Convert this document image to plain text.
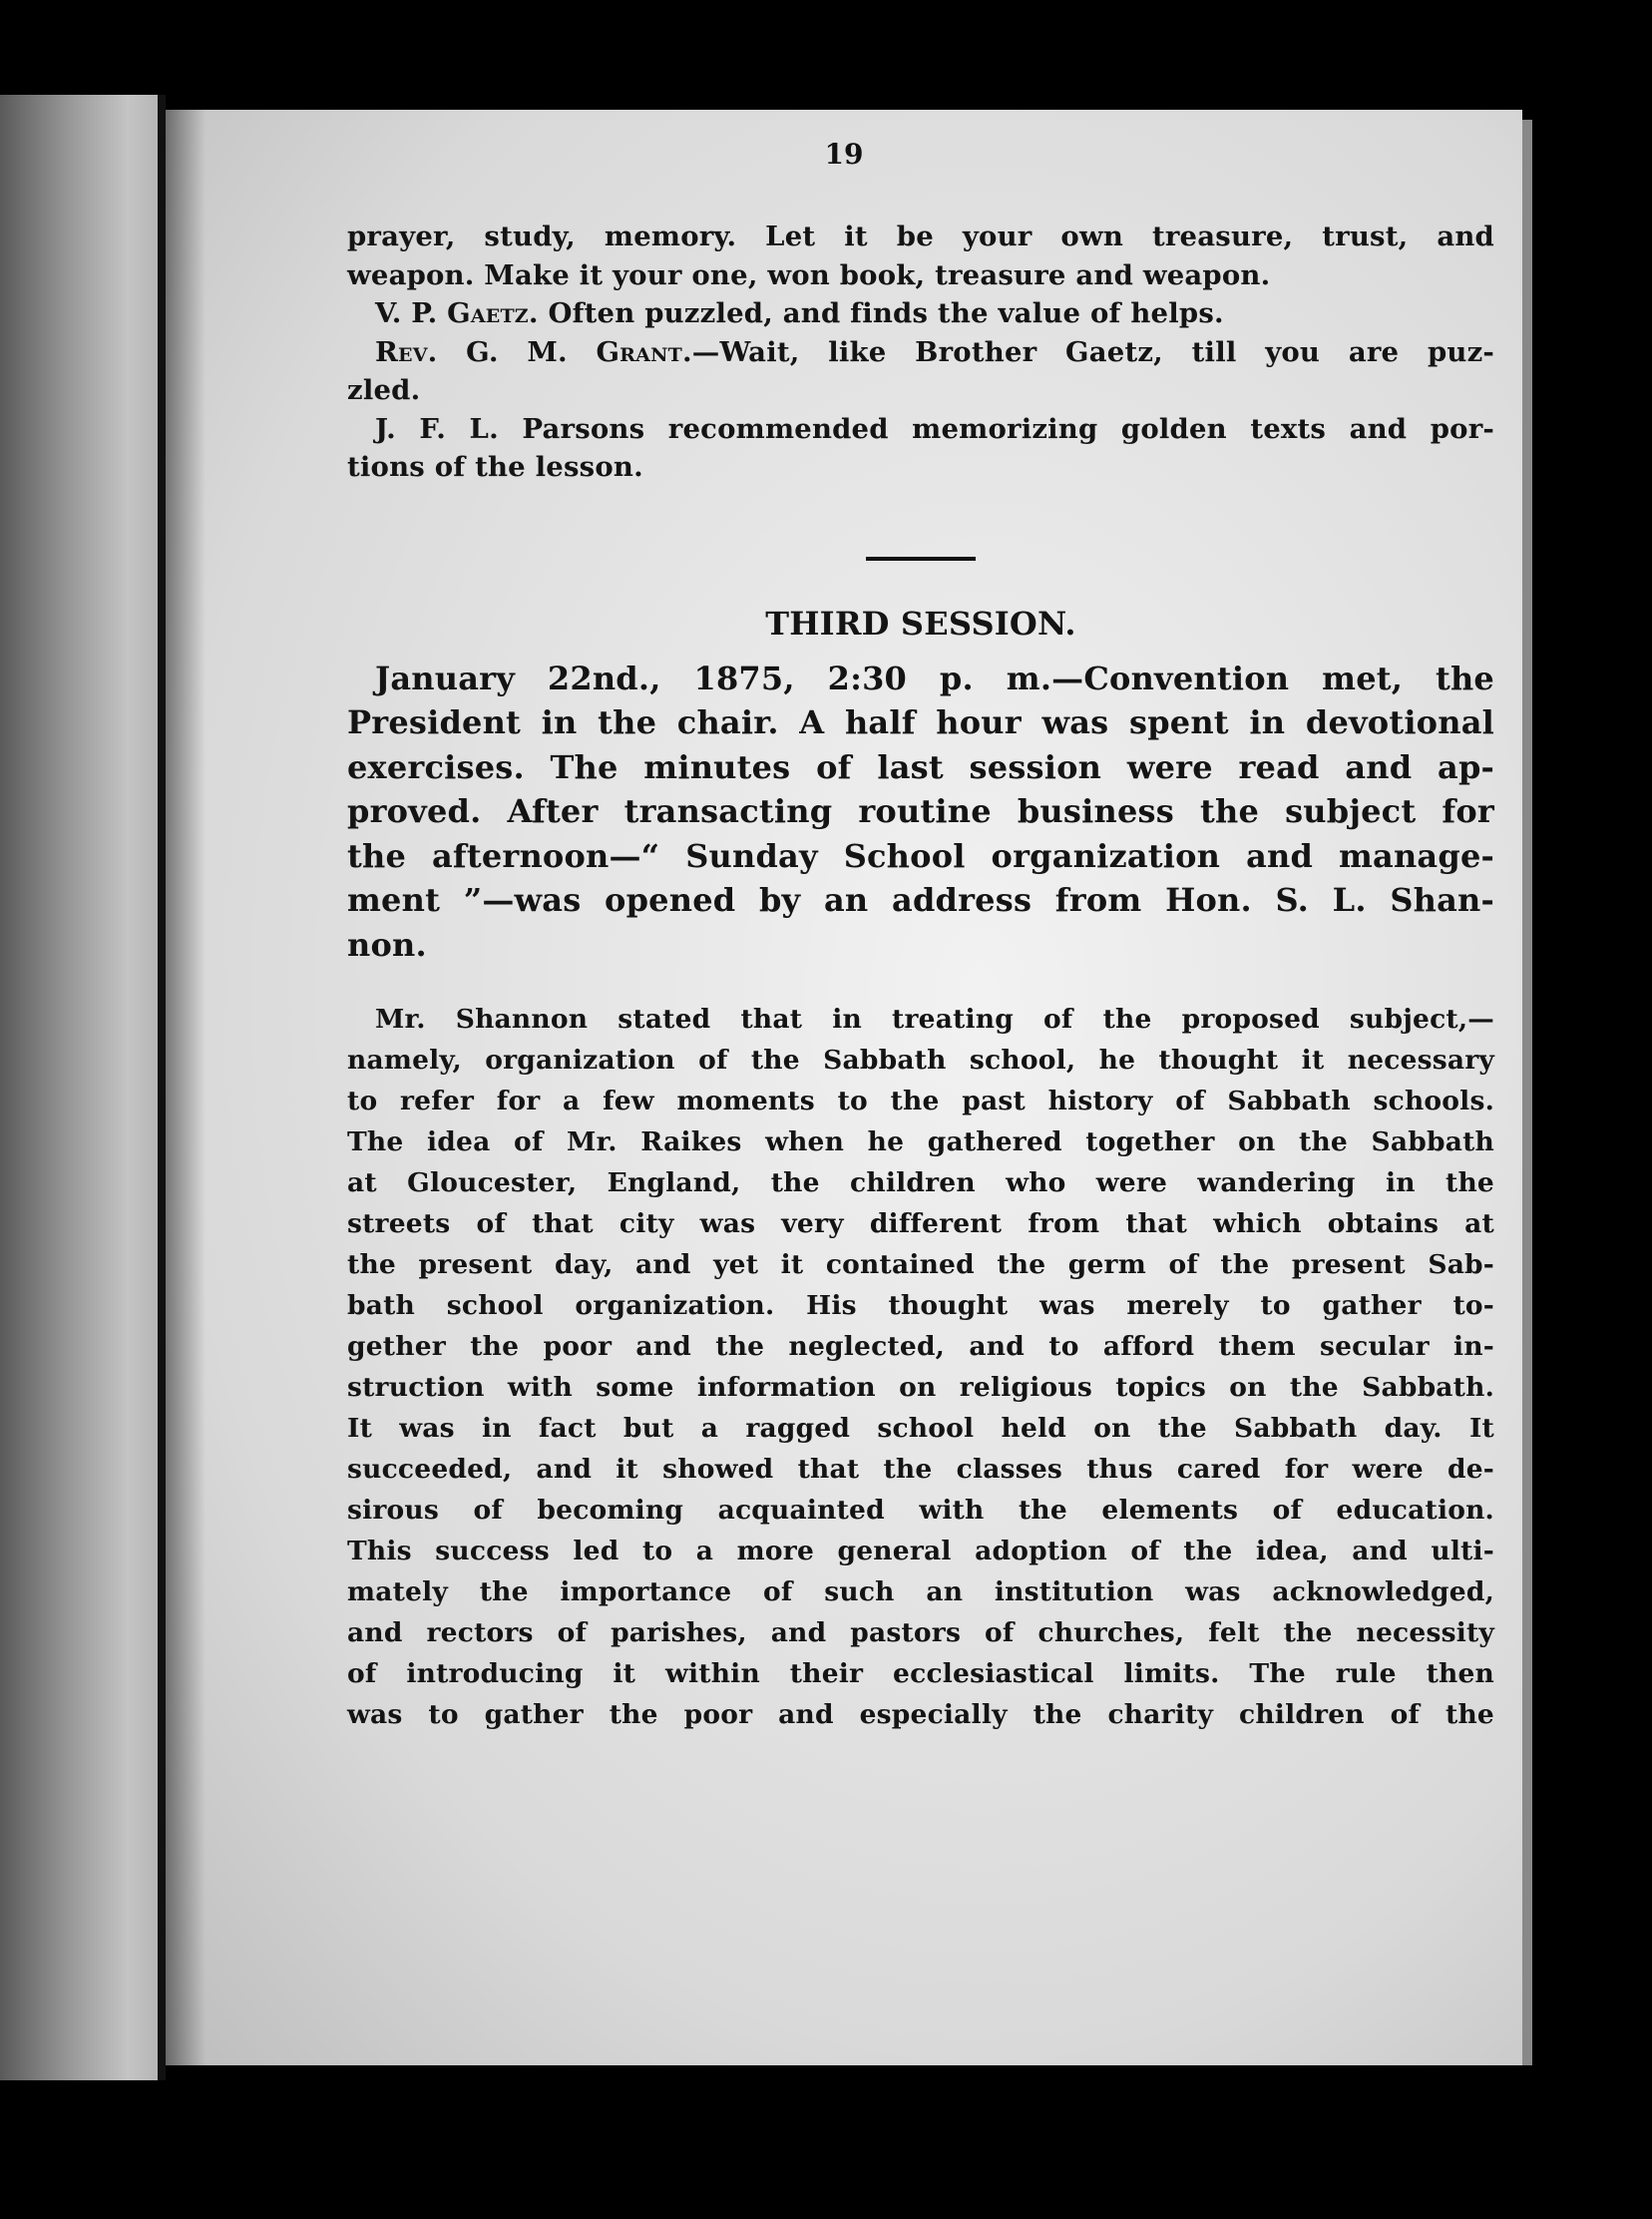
19
prayer, study, memory. Let it be your own treasure, trust, and
weapon. Make it your one, won book, treasure and weapon.
V. P. Gaetz. Often puzzled, and finds the value of helps.
Rev. G. M. Grant.—Wait, like Brother Gaetz, till you are puz-
zled.
J. F. L. Parsons recommended memorizing golden texts and por-
tions of the lesson.
THIRD SESSION.
January 22nd., 1875, 2:30 p. m.—Convention met, the
President in the chair. A half hour was spent in devotional
exercises. The minutes of last session were read and ap-
proved. After transacting routine business the subject for
the afternoon—“ Sunday School organization and manage-
ment ”—was opened by an address from Hon. S. L. Shan-
non.
Mr. Shannon stated that in treating of the proposed subject,—
namely, organization of the Sabbath school, he thought it necessary
to refer for a few moments to the past history of Sabbath schools.
The idea of Mr. Raikes when he gathered together on the Sabbath
at Gloucester, England, the children who were wandering in the
streets of that city was very different from that which obtains at
the present day, and yet it contained the germ of the present Sab-
bath school organization. His thought was merely to gather to-
gether the poor and the neglected, and to afford them secular in-
struction with some information on religious topics on the Sabbath.
It was in fact but a ragged school held on the Sabbath day. It
succeeded, and it showed that the classes thus cared for were de-
sirous of becoming acquainted with the elements of education.
This success led to a more general adoption of the idea, and ulti-
mately the importance of such an institution was acknowledged,
and rectors of parishes, and pastors of churches, felt the necessity
of introducing it within their ecclesiastical limits. The rule then
was to gather the poor and especially the charity children of the
